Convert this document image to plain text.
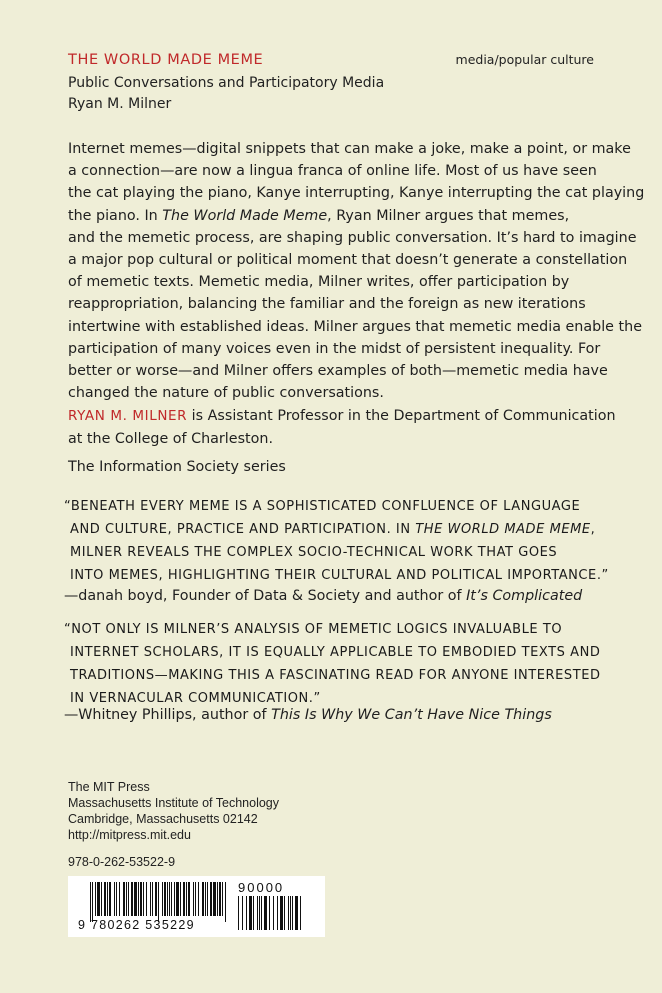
THE WORLD MADE MEME	media/popular culture
Public Conversations and Participatory Media
Ryan M. Milner
Internet memes—digital snippets that can make a joke, make a point, or make
a connection—are now a lingua franca of online life. Most of us have seen
the cat playing the piano, Kanye interrupting, Kanye interrupting the cat playing
the piano. In The World Made Meme, Ryan Milner argues that memes,
and the memetic process, are shaping public conversation. It’s hard to imagine
a major pop cultural or political moment that doesn’t generate a constellation
of memetic texts. Memetic media, Milner writes, offer participation by
reappropriation, balancing the familiar and the foreign as new iterations
intertwine with established ideas. Milner argues that memetic media enable the
participation of many voices even in the midst of persistent inequality. For
better or worse—and Milner offers examples of both—memetic media have
changed the nature of public conversations.
RYAN M. MILNER is Assistant Professor in the Department of Communication
at the College of Charleston.
The Information Society series
“BENEATH EVERY MEME IS A SOPHISTICATED CONFLUENCE OF LANGUAGE
AND CULTURE, PRACTICE AND PARTICIPATION. IN THE WORLD MADE MEME,
MILNER REVEALS THE COMPLEX SOCIO-TECHNICAL WORK THAT GOES
INTO MEMES, HIGHLIGHTING THEIR CULTURAL AND POLITICAL IMPORTANCE.”
—danah boyd, Founder of Data & Society and author of It’s Complicated
“NOT ONLY IS MILNER’S ANALYSIS OF MEMETIC LOGICS INVALUABLE TO
INTERNET SCHOLARS, IT IS EQUALLY APPLICABLE TO EMBODIED TEXTS AND
TRADITIONS—MAKING THIS A FASCINATING READ FOR ANYONE INTERESTED
IN VERNACULAR COMMUNICATION.”
—Whitney Phillips, author of This Is Why We Can’t Have Nice Things
The MIT Press
Massachusetts Institute of Technology
Cambridge, Massachusetts 02142
http://mitpress.mit.edu
978-0-262-53522-9
9 780262 535229
90000
